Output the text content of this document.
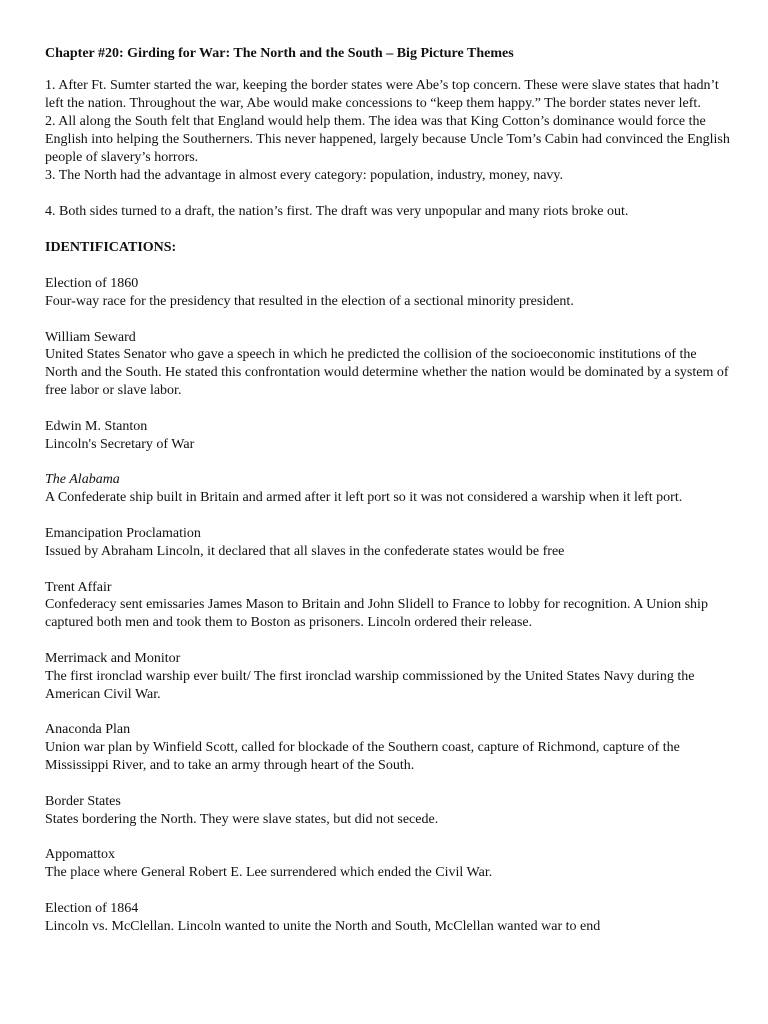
Chapter #20: Girding for War: The North and the South – Big Picture Themes

1. After Ft. Sumter started the war, keeping the border states were Abe’s top concern. These were slave states that hadn’t left the nation. Throughout the war, Abe would make concessions to “keep them happy.” The border states never left.

2. All along the South felt that England would help them. The idea was that King Cotton’s dominance would force the English into helping the Southerners. This never happened, largely because Uncle Tom’s Cabin had convinced the English people of slavery’s horrors.

3. The North had the advantage in almost every category: population, industry, money, navy.

4. Both sides turned to a draft, the nation’s first. The draft was very unpopular and many riots broke out.

IDENTIFICATIONS:
Election of 1860
Four-way race for the presidency that resulted in the election of a sectional minority president.
William Seward
United States Senator who gave a speech in which he predicted the collision of the socioeconomic institutions of the North and the South. He stated this confrontation would determine whether the nation would be dominated by a system of free labor or slave labor.
Edwin M. Stanton
Lincoln's Secretary of War
The Alabama
A Confederate ship built in Britain and armed after it left port so it was not considered a warship when it left port.
Emancipation Proclamation
Issued by Abraham Lincoln, it declared that all slaves in the confederate states would be free
Trent Affair
Confederacy sent emissaries James Mason to Britain and John Slidell to France to lobby for recognition. A Union ship captured both men and took them to Boston as prisoners. Lincoln ordered their release.
Merrimack and Monitor
The first ironclad warship ever built/ The first ironclad warship commissioned by the United States Navy during the American Civil War.
Anaconda Plan
Union war plan by Winfield Scott, called for blockade of the Southern coast, capture of Richmond, capture of the Mississippi River, and to take an army through heart of the South.
Border States
States bordering the North. They were slave states, but did not secede.
Appomattox
The place where General Robert E. Lee surrendered which ended the Civil War.
Election of 1864
Lincoln vs. McClellan. Lincoln wanted to unite the North and South, McClellan wanted war to end
